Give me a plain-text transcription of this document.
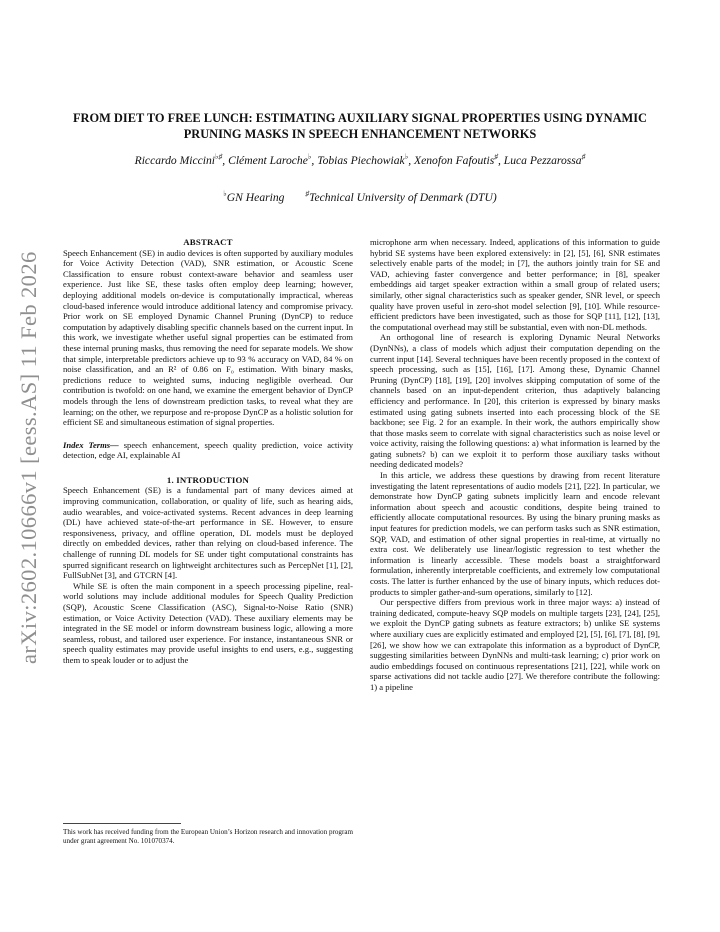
arXiv:2602.10666v1 [eess.AS] 11 Feb 2026
FROM DIET TO FREE LUNCH: ESTIMATING AUXILIARY SIGNAL PROPERTIES USING DYNAMIC PRUNING MASKS IN SPEECH ENHANCEMENT NETWORKS
Riccardo Miccini♭♯, Clément Laroche♭, Tobias Piechowiak♭, Xenofon Fafoutis♯, Luca Pezzarossa♯
♭GN Hearing	♯Technical University of Denmark (DTU)

ABSTRACT

Speech Enhancement (SE) in audio devices is often supported by auxiliary modules for Voice Activity Detection (VAD), SNR estimation, or Acoustic Scene Classification to ensure robust context-aware behavior and seamless user experience. Just like SE, these tasks often employ deep learning; however, deploying additional models on-device is computationally impractical, whereas cloud-based inference would introduce additional latency and compromise privacy. Prior work on SE employed Dynamic Channel Pruning (DynCP) to reduce computation by adaptively disabling specific channels based on the current input. In this work, we investigate whether useful signal properties can be estimated from these internal pruning masks, thus removing the need for separate models. We show that simple, interpretable predictors achieve up to 93 % accuracy on VAD, 84 % on noise classification, and an R² of 0.86 on F₀ estimation. With binary masks, predictions reduce to weighted sums, inducing negligible overhead. Our contribution is twofold: on one hand, we examine the emergent behavior of DynCP models through the lens of downstream prediction tasks, to reveal what they are learning; on the other, we repurpose and re-propose DynCP as a holistic solution for efficient SE and simultaneous estimation of signal properties.

Index Terms— speech enhancement, speech quality prediction, voice activity detection, edge AI, explainable AI

1. INTRODUCTION

Speech Enhancement (SE) is a fundamental part of many devices aimed at improving communication, collaboration, or quality of life, such as hearing aids, audio wearables, and voice-activated systems. Recent advances in deep learning (DL) have achieved state-of-the-art performance in SE. However, to ensure responsiveness, privacy, and offline operation, DL models must be deployed directly on embedded devices, rather than relying on cloud-based inference. The challenge of running DL models for SE under tight computational constraints has spurred significant research on lightweight architectures such as PercepNet [1], [2], FullSubNet [3], and GTCRN [4].

While SE is often the main component in a speech processing pipeline, real-world solutions may include additional modules for Speech Quality Prediction (SQP), Acoustic Scene Classification (ASC), Signal-to-Noise Ratio (SNR) estimation, or Voice Activity Detection (VAD). These auxiliary elements may be integrated in the SE model or inform downstream business logic, allowing a more seamless, robust, and tailored user experience. For instance, instantaneous SNR or speech quality estimates may provide useful insights to end users, e.g., suggesting them to speak louder or to adjust the

This work has received funding from the European Union’s Horizon research and innovation program under grant agreement No. 101070374.

microphone arm when necessary. Indeed, applications of this information to guide hybrid SE systems have been explored extensively: in [2], [5], [6], SNR estimates selectively enable parts of the model; in [7], the authors jointly train for SE and VAD, achieving faster convergence and better performance; in [8], speaker embeddings aid target speaker extraction within a small group of related users; similarly, other signal characteristics such as speaker gender, SNR level, or speech quality have proven useful in zero-shot model selection [9], [10]. While resource-efficient predictors have been investigated, such as those for SQP [11], [12], [13], the computational overhead may still be substantial, even with non-DL methods.

An orthogonal line of research is exploring Dynamic Neural Networks (DynNNs), a class of models which adjust their computation depending on the current input [14]. Several techniques have been recently proposed in the context of speech processing, such as [15], [16], [17]. Among these, Dynamic Channel Pruning (DynCP) [18], [19], [20] involves skipping computation of some of the channels based on an input-dependent criterion, thus adaptively balancing efficiency and performance. In [20], this criterion is expressed by binary masks estimated using gating subnets inserted into each processing block of the SE backbone; see Fig. 2 for an example. In their work, the authors empirically show that those masks seem to correlate with signal characteristics such as noise level or voice activity, raising the following questions: a) what information is learned by the gating subnets? b) can we exploit it to perform those auxiliary tasks without needing dedicated models?

In this article, we address these questions by drawing from recent literature investigating the latent representations of audio models [21], [22]. In particular, we demonstrate how DynCP gating subnets implicitly learn and encode relevant information about speech and acoustic conditions, despite being trained to efficiently allocate computational resources. By using the binary pruning masks as input features for prediction models, we can perform tasks such as SNR estimation, SQP, VAD, and estimation of other signal properties in real-time, at virtually no extra cost. We deliberately use linear/logistic regression to test whether the information is linearly accessible. These models boast a straightforward formulation, inherently interpretable coefficients, and extremely low computational costs. The latter is further enhanced by the use of binary inputs, which reduces dot-products to simpler gather-and-sum operations, similarly to [12].

Our perspective differs from previous work in three major ways: a) instead of training dedicated, compute-heavy SQP models on multiple targets [23], [24], [25], we exploit the DynCP gating subnets as feature extractors; b) unlike SE systems where auxiliary cues are explicitly estimated and employed [2], [5], [6], [7], [8], [9], [26], we show how we can extrapolate this information as a byproduct of DynCP, suggesting similarities between DynNNs and multi-task learning; c) prior work on audio embeddings focused on continuous representations [21], [22], while work on sparse activations did not tackle audio [27]. We therefore contribute the following: 1) a pipeline
